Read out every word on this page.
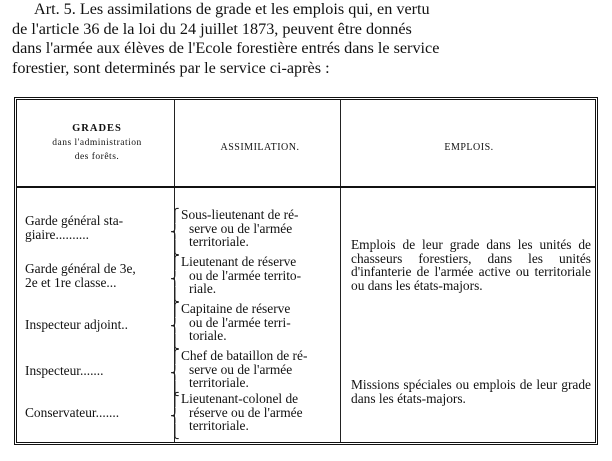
Art. 5. Les assimilations de grade et les emplois qui, en vertu
de l'article 36 de la loi du 24 juillet 1873, peuvent être donnés
dans l'armée aux élèves de l'Ecole forestière entrés dans le service
forestier, sont determinés par le service ci-après :
GRADES
dans l'administration
des forêts.
ASSIMILATION.	EMPLOIS.
Garde général sta-
giaire..........
Garde général de 3e,
2e et 1re classe...
Inspecteur adjoint..
Inspecteur.......
Conservateur.......
⎧
⎨
⎩
⎧
⎨
⎩
⎧
⎨
⎩
⎧
⎨
⎩
⎧
⎨
⎩
Sous-lieutenant de ré-
serve ou de l'armée
territoriale.
Lieutenant de réserve
ou de l'armée territo-
riale.
Capitaine de réserve
ou de l'armée terri-
toriale.
Chef de bataillon de ré-
serve ou de l'armée
territoriale.
Lieutenant-colonel de
réserve ou de l'armée
territoriale.
Emplois de leur grade dans les unités de chasseurs forestiers, dans les unités d'infanterie de l'armée active ou territoriale ou dans les états-majors.
Missions spéciales ou emplois de leur grade dans les états-majors.
